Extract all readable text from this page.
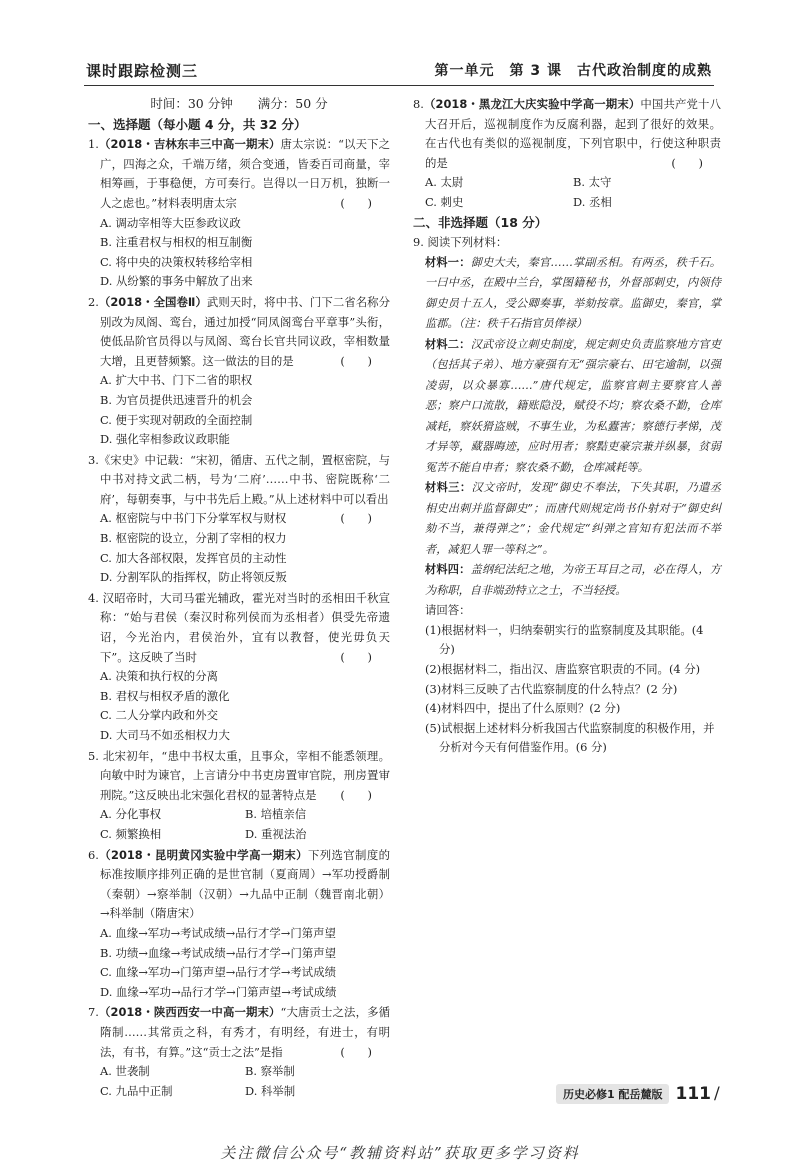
课时跟踪检测三	第一单元　第 3 课　古代政治制度的成熟
时间：30 分钟　　满分：50 分
一、选择题（每小题 4 分，共 32 分）
1.（2018・吉林东丰三中高一期末）唐太宗说：“以天下之广，四海之众，千端万绪，须合变通，皆委百司商量，宰相筹画，于事稳便，方可奏行。岂得以一日万机，独断一人之虑也。”材料表明唐太宗	(　　)
A. 调动宰相等大臣参政议政
B. 注重君权与相权的相互制衡
C. 将中央的决策权转移给宰相
D. 从纷繁的事务中解放了出来
2.（2018・全国卷Ⅱ）武则天时，将中书、门下二省名称分别改为凤阁、鸾台，通过加授“同凤阁鸾台平章事”头衔，使低品阶官员得以与凤阁、鸾台长官共同议政，宰相数量大增，且更替频繁。这一做法的目的是	(　　)
A. 扩大中书、门下二省的职权
B. 为官员提供迅速晋升的机会
C. 便于实现对朝政的全面控制
D. 强化宰相参政议政职能
3.《宋史》中记载：“宋初，循唐、五代之制，置枢密院，与中书对持文武二柄，号为‘二府’……中书、密院既称‘二府’，每朝奏事，与中书先后上殿。”从上述材料中可以看出
(　　)
A. 枢密院与中书门下分掌军权与财权
B. 枢密院的设立，分割了宰相的权力
C. 加大各部权限，发挥官员的主动性
D. 分割军队的指挥权，防止将领反叛
4. 汉昭帝时，大司马霍光辅政，霍光对当时的丞相田千秋宣称：“始与君侯（秦汉时称列侯而为丞相者）俱受先帝遗诏，今光治内，君侯治外，宜有以教督，使光毋负天下”。这反映了当时	(　　)
A. 决策和执行权的分离
B. 君权与相权矛盾的激化
C. 二人分掌内政和外交
D. 大司马不如丞相权力大
5. 北宋初年，“患中书权太重，且事众，宰相不能悉领理。向敏中时为谏官，上言请分中书吏房置审官院，刑房置审刑院。”这反映出北宋强化君权的显著特点是 (　　)
A. 分化事权	B. 培植亲信
C. 频繁换相	D. 重视法治
6.（2018・昆明黄冈实验中学高一期末）下列选官制度的标准按顺序排列正确的是世官制（夏商周）→军功授爵制（秦朝）→察举制（汉朝）→九品中正制（魏晋南北朝）→科举制（隋唐宋）
A. 血缘→军功→考试成绩→品行才学→门第声望
B. 功绩→血缘→考试成绩→品行才学→门第声望
C. 血缘→军功→门第声望→品行才学→考试成绩
D. 血缘→军功→品行才学→门第声望→考试成绩
7.（2018・陕西西安一中高一期末）“大唐贡士之法，多循隋制……其常贡之科，有秀才，有明经，有进士，有明法，有书，有算。”这“贡士之法”是指	(　　)
A. 世袭制	B. 察举制
C. 九品中正制	D. 科举制
8.（2018・黑龙江大庆实验中学高一期末）中国共产党十八大召开后，巡视制度作为反腐利器，起到了很好的效果。在古代也有类似的巡视制度，下列官职中，行使这种职责的是	(　　)
A. 太尉	B. 太守
C. 刺史	D. 丞相
二、非选择题（18 分）
9. 阅读下列材料：
材料一：御史大夫，秦官……掌副丞相。有两丞，秩千石。一曰中丞，在殿中兰台，掌图籍秘书，外督部刺史，内领侍御史员十五人，受公卿奏事，举劾按章。监御史，秦官，掌监郡。（注：秩千石指官员俸禄）
材料二：汉武帝设立刺史制度，规定刺史负责监察地方官吏（包括其子弟）、地方豪强有无“强宗豪右、田宅逾制，以强凌弱，以众暴寡……”唐代规定，监察官刺主要察官人善恶；察户口流散，籍账隐没，赋役不均；察农桑不勤，仓库减耗，察妖猾盗贼，不事生业，为私蠹害；察德行孝悌，茂才异等，藏器晦迹，应时用者；察黠吏豪宗兼并纵暴，贫弱冤苦不能自申者；察农桑不勤，仓库减耗等。
材料三：汉文帝时，发现“御史不奉法，下失其职，乃遣丞相史出刺并监督御史”；而唐代则规定尚书仆射对于“御史纠劾不当，兼得弹之”；金代规定“纠弹之官知有犯法而不举者，减犯人罪一等科之”。
材料四：盖纲纪法纪之地，为帝王耳目之司，必在得人，方为称职，自非端劲特立之士，不当轻授。
请回答：
(1)根据材料一，归纳秦朝实行的监察制度及其职能。(4 分)
(2)根据材料二，指出汉、唐监察官职责的不同。(4 分)
(3)材料三反映了古代监察制度的什么特点？(2 分)
(4)材料四中，提出了什么原则？(2 分)
(5)试根据上述材料分析我国古代监察制度的积极作用，并分析对今天有何借鉴作用。(6 分)
历史必修1 配岳麓版 111 /
关注微信公众号“教辅资料站”获取更多学习资料
